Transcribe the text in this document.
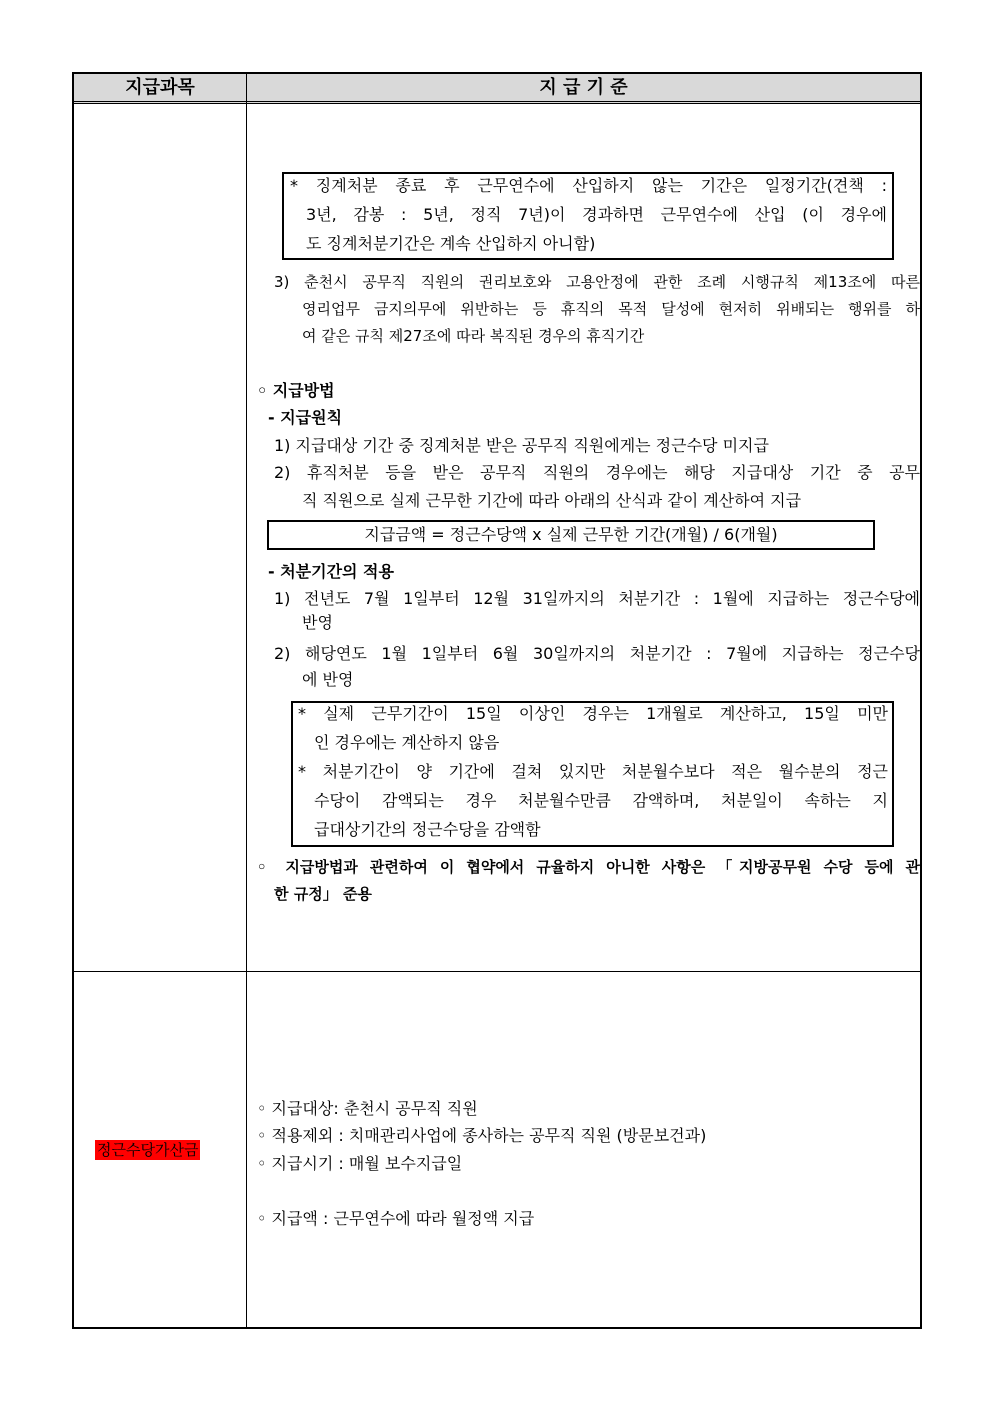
지급과목	지 급 기 준
* 징계처분 종료 후 근무연수에 산입하지 않는 기간은 일정기간(견책 :
3년, 감봉 : 5년, 정직 7년)이 경과하면 근무연수에 산입 (이 경우에
도 징계처분기간은 계속 산입하지 아니함)
3) 춘천시 공무직 직원의 권리보호와 고용안정에 관한 조례 시행규칙 제13조에 따른
영리업무 금지의무에 위반하는 등 휴직의 목적 달성에 현저히 위배되는 행위를 하
여 같은 규칙 제27조에 따라 복직된 경우의 휴직기간
◦ 지급방법
- 지급원칙
1) 지급대상 기간 중 징계처분 받은 공무직 직원에게는 정근수당 미지급
2) 휴직처분 등을 받은 공무직 직원의 경우에는 해당 지급대상 기간 중 공무
직 직원으로 실제 근무한 기간에 따라 아래의 산식과 같이 계산하여 지급
지급금액 = 정근수당액 x 실제 근무한 기간(개월) / 6(개월)
- 처분기간의 적용
1) 전년도 7월 1일부터 12월 31일까지의 처분기간 : 1월에 지급하는 정근수당에
반영
2) 해당연도 1월 1일부터 6월 30일까지의 처분기간 : 7월에 지급하는 정근수당
에 반영
* 실제 근무기간이 15일 이상인 경우는 1개월로 계산하고, 15일 미만
인 경우에는 계산하지 않음
* 처분기간이 양 기간에 걸쳐 있지만 처분월수보다 적은 월수분의 정근
수당이 감액되는 경우 처분월수만큼 감액하며, 처분일이 속하는 지
급대상기간의 정근수당을 감액함
◦ 지급방법과 관련하여 이 협약에서 규율하지 아니한 사항은 「지방공무원 수당 등에 관
한 규정」 준용
정근수당가산금
◦ 지급대상: 춘천시 공무직 직원
◦ 적용제외 : 치매관리사업에 종사하는 공무직 직원 (방문보건과)
◦ 지급시기 : 매월 보수지급일
◦ 지급액 : 근무연수에 따라 월정액 지급
